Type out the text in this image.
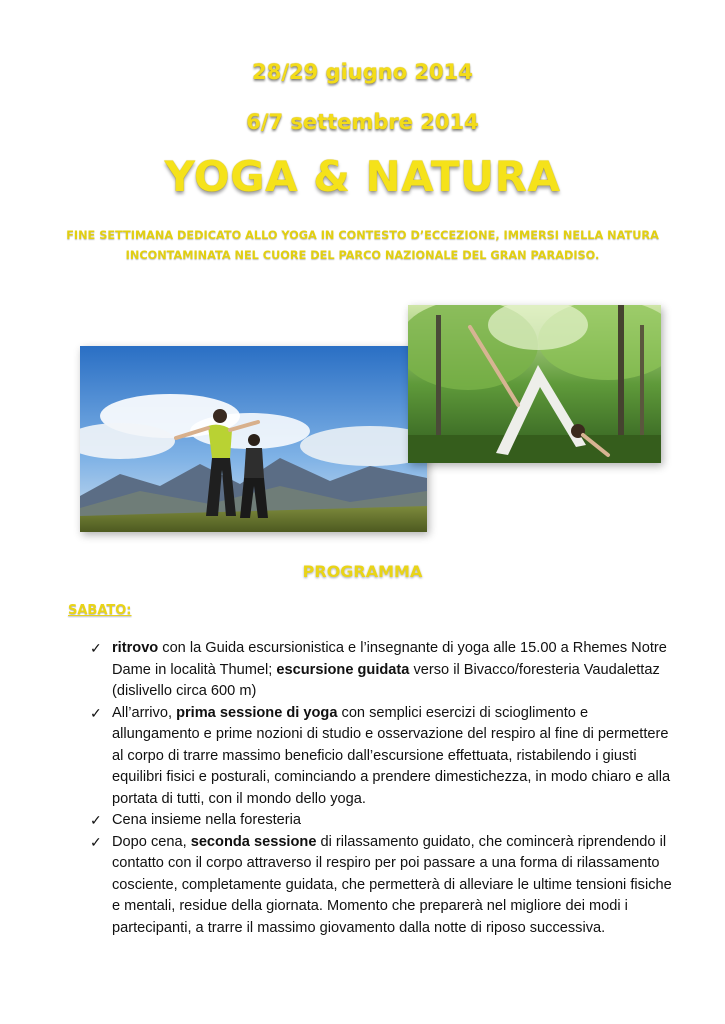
28/29 giugno 2014
6/7 settembre 2014
YOGA & NATURA
FINE SETTIMANA DEDICATO ALLO YOGA IN CONTESTO D’ECCEZIONE, IMMERSI NELLA NATURA INCONTAMINATA NEL CUORE DEL PARCO NAZIONALE DEL GRAN PARADISO.
PROGRAMMA
SABATO:
✓ ritrovo con la Guida escursionistica e l’insegnante di yoga alle 15.00 a Rhemes Notre Dame in località Thumel; escursione guidata verso il Bivacco/foresteria Vaudalettaz (dislivello circa 600 m)
✓ All’arrivo, prima sessione di yoga con semplici esercizi di scioglimento e allungamento e prime nozioni di studio e osservazione del respiro al fine di permettere al corpo di trarre massimo beneficio dall’escursione effettuata, ristabilendo i giusti equilibri fisici e posturali, cominciando a prendere dimestichezza, in modo chiaro e alla portata di tutti, con il mondo dello yoga.
✓ Cena insieme nella foresteria
✓ Dopo cena, seconda sessione di rilassamento guidato, che comincerà riprendendo il contatto con il corpo attraverso il respiro per poi passare a una forma di rilassamento cosciente, completamente guidata, che permetterà di alleviare le ultime tensioni fisiche e mentali, residue della giornata. Momento che preparerà nel migliore dei modi i partecipanti, a trarre il massimo giovamento dalla notte di riposo successiva.
